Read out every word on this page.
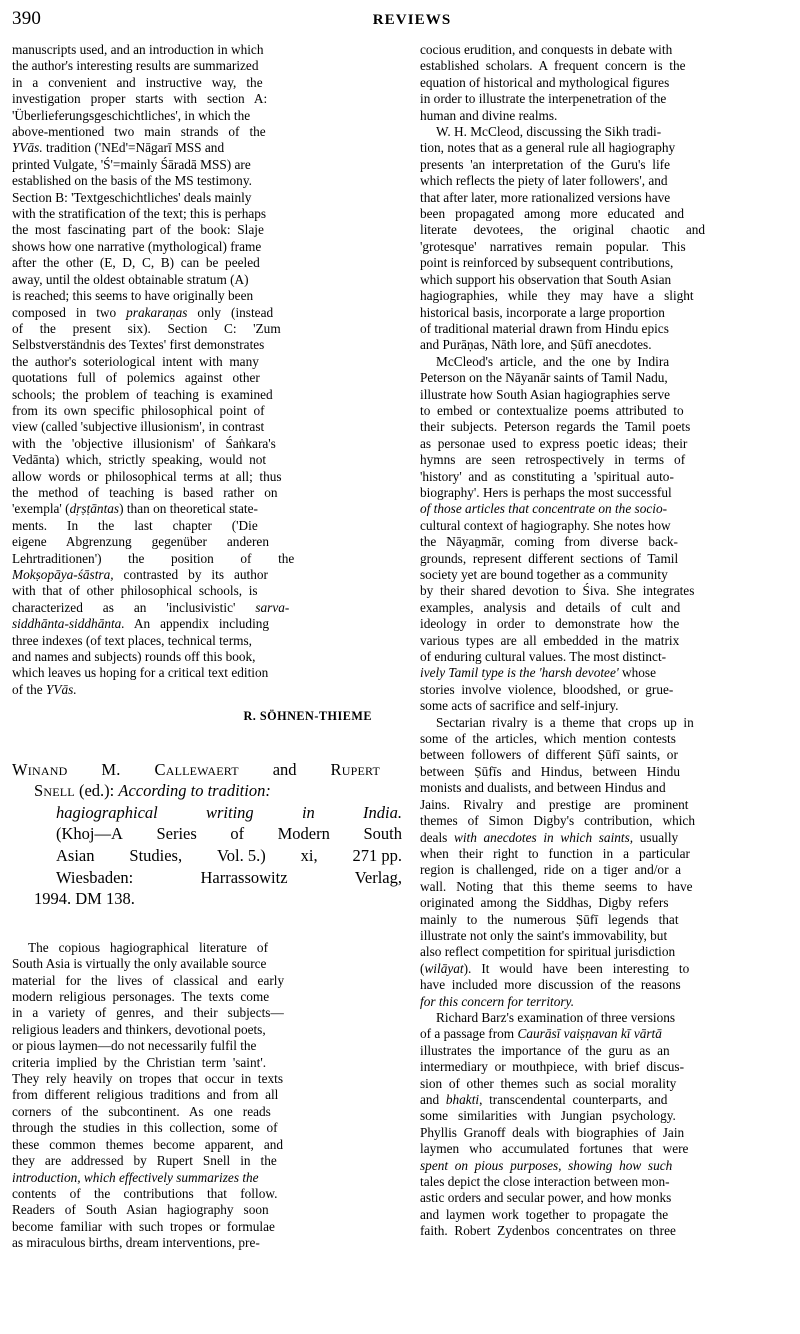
390	REVIEWS
manuscripts used, and an introduction in which
the author's interesting results are summarized
in   a   convenient   and   instructive   way,   the
investigation   proper   starts   with   section   A:
'Überlieferungsgeschichtliches', in which the
above-mentioned   two   main   strands   of   the
YVās. tradition ('NEd'=Nāgarī MSS and
printed Vulgate, 'Ś'=mainly Śāradā MSS) are
established on the basis of the MS testimony.
Section B: 'Textgeschichtliches' deals mainly
with the stratification of the text; this is perhaps
the  most  fascinating  part  of  the  book:  Slaje
shows how one narrative (mythological) frame
after  the  other  (E,  D,  C,  B)  can  be  peeled
away, until the oldest obtainable stratum (A)
is reached; this seems to have originally been
composed   in   two   prakaraṇas   only   (instead
of     the     present     six).     Section     C:     'Zum
Selbstverständnis des Textes' first demonstrates
the  author's  soteriological  intent  with  many
quotations   full   of   polemics   against   other
schools;  the  problem  of  teaching  is  examined
from  its  own  specific  philosophical  point  of
view (called 'subjective illusionism', in contrast
with   the   'objective   illusionism'   of   Śaṅkara's
Vedānta)  which,  strictly  speaking,  would  not
allow  words  or  philosophical  terms  at  all;  thus
the   method   of   teaching   is   based   rather   on
'exempla' (dṛṣṭāntas) than on theoretical state-
ments.      In      the      last      chapter      ('Die
eigene      Abgrenzung      gegenüber      anderen
Lehrtraditionen')        the        position        of        the
Mokṣopāya-śāstra,   contrasted   by   its   author
with  that  of  other  philosophical  schools,  is
characterized      as      an      'inclusivistic'      sarva-
siddhānta-siddhānta.   An   appendix   including
three indexes (of text places, technical terms,
and names and subjects) rounds off this book,
which leaves us hoping for a critical text edition
of the YVās.
R. SÖHNEN-THIEME
Winand M. Callewaert and Rupert
Snell (ed.): According to tradition:
hagiographical	writing	in	India.
(Khoj—A Series of Modern South
Asian Studies, Vol. 5.) xi, 271 pp.
Wiesbaden:	Harrassowitz	Verlag,
1994. DM 138.
The   copious   hagiographical   literature   of
South Asia is virtually the only available source
material   for   the   lives   of   classical   and   early
modern  religious  personages.  The  texts  come
in   a   variety   of   genres,   and   their   subjects—
religious leaders and thinkers, devotional poets,
or pious laymen—do not necessarily fulfil the
criteria  implied  by  the  Christian  term  'saint'.
They  rely  heavily  on  tropes  that  occur  in  texts
from  different  religious  traditions  and  from  all
corners   of   the   subcontinent.   As   one   reads
through  the  studies  in  this  collection,  some  of
these   common   themes   become   apparent,   and
they   are   addressed   by   Rupert   Snell   in   the
introduction, which effectively summarizes the
contents    of    the    contributions    that    follow.
Readers   of   South   Asian   hagiography   soon
become  familiar  with  such  tropes  or  formulae
as miraculous births, dream interventions, pre-
cocious erudition, and conquests in debate with
established  scholars.  A  frequent  concern  is  the
equation of historical and mythological figures
in order to illustrate the interpenetration of the
human and divine realms.
W. H. McCleod, discussing the Sikh tradi-
tion, notes that as a general rule all hagiography
presents  'an  interpretation  of  the  Guru's  life
which reflects the piety of later followers', and
that after later, more rationalized versions have
been   propagated   among   more   educated   and
literate     devotees,     the     original     chaotic     and
'grotesque'    narratives    remain    popular.    This
point is reinforced by subsequent contributions,
which support his observation that South Asian
hagiographies,   while   they   may   have   a   slight
historical basis, incorporate a large proportion
of traditional material drawn from Hindu epics
and Purāṇas, Nāth lore, and Ṣūfī anecdotes.
McCleod's  article,  and  the  one  by  Indira
Peterson on the Nāyanār saints of Tamil Nadu,
illustrate how South Asian hagiographies serve
to  embed  or  contextualize  poems  attributed  to
their  subjects.  Peterson  regards  the  Tamil  poets
as  personae  used  to  express  poetic  ideas;  their
hymns   are   seen   retrospectively   in   terms   of
'history'  and  as  constituting  a  'spiritual  auto-
biography'. Hers is perhaps the most successful
of those articles that concentrate on the socio-
cultural context of hagiography. She notes how
the   Nāyaṉmār,   coming   from   diverse   back-
grounds,  represent  different  sections  of  Tamil
society yet are bound together as a community
by  their  shared  devotion  to  Śiva.  She  integrates
examples,   analysis   and   details   of   cult   and
ideology   in   order   to   demonstrate   how   the
various  types  are  all  embedded  in  the  matrix
of enduring cultural values. The most distinct-
ively Tamil type is the 'harsh devotee' whose
stories  involve  violence,  bloodshed,  or  grue-
some acts of sacrifice and self-injury.
Sectarian  rivalry  is  a  theme  that  crops  up  in
some  of  the  articles,  which  mention  contests
between  followers  of  different  Ṣūfī  saints,  or
between   Ṣūfīs   and   Hindus,   between   Hindu
monists and dualists, and between Hindus and
Jains.    Rivalry    and    prestige    are    prominent
themes   of   Simon   Digby's   contribution,   which
deals  with  anecdotes  in  which  saints,  usually
when   their   right   to   function   in   a   particular
region  is  challenged,  ride  on  a  tiger  and/or  a
wall.   Noting   that   this   theme   seems   to   have
originated  among  the  Siddhas,  Digby  refers
mainly   to   the   numerous   Ṣūfī   legends   that
illustrate not only the saint's immovability, but
also reflect competition for spiritual jurisdiction
(wilāyat).   It   would   have   been   interesting   to
have  included  more  discussion  of  the  reasons
for this concern for territory.
Richard Barz's examination of three versions
of a passage from Caurāsī vaiṣṇavan kī vārtā
illustrates  the  importance  of  the  guru  as  an
intermediary  or  mouthpiece,  with  brief  discus-
sion  of  other  themes  such  as  social  morality
and  bhakti,  transcendental  counterparts,  and
some   similarities   with   Jungian   psychology.
Phyllis  Granoff  deals  with  biographies  of  Jain
laymen   who   accumulated   fortunes   that   were
spent  on  pious  purposes,  showing  how  such
tales depict the close interaction between mon-
astic orders and secular power, and how monks
and  laymen  work  together  to  propagate  the
faith.  Robert  Zydenbos  concentrates  on  three
